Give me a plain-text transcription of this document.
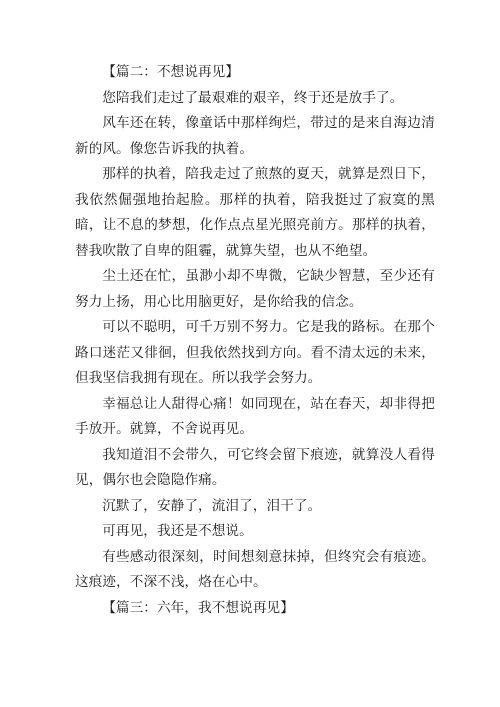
【篇二：不想说再见】

您陪我们走过了最艰难的艰辛，终于还是放手了。

风车还在转，像童话中那样绚烂，带过的是来自海边清新的风。像您告诉我的执着。

那样的执着，陪我走过了煎熬的夏天，就算是烈日下，我依然倔强地抬起脸。那样的执着，陪我挺过了寂寞的黑暗，让不息的梦想，化作点点星光照亮前方。那样的执着，替我吹散了自卑的阻霾，就算失望，也从不绝望。

尘土还在忙，虽渺小却不卑微，它缺少智慧，至少还有努力上扬，用心比用脑更好，是你给我的信念。

可以不聪明，可千万别不努力。它是我的路标。在那个路口迷茫又徘徊，但我依然找到方向。看不清太远的未来，但我坚信我拥有现在。所以我学会努力。

幸福总让人甜得心痛！如同现在，站在春天，却非得把手放开。就算，不舍说再见。

我知道泪不会带久，可它终会留下痕迹，就算没人看得见，偶尔也会隐隐作痛。

沉默了，安静了，流泪了，泪干了。

可再见，我还是不想说。

有些感动很深刻，时间想刻意抹掉，但终究会有痕迹。这痕迹，不深不浅，烙在心中。

【篇三：六年，我不想说再见】
